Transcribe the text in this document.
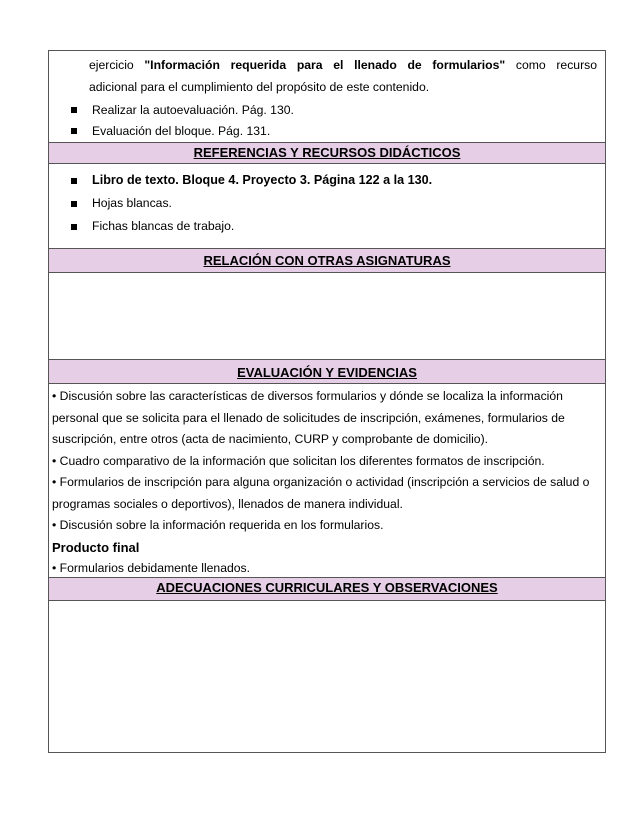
ejercicio "Información requerida para el llenado de formularios" como recurso

adicional para el cumplimiento del propósito de este contenido.

Realizar la autoevaluación. Pág. 130.
Evaluación del bloque. Pág. 131.
REFERENCIAS Y RECURSOS DIDÁCTICOS
Libro de texto. Bloque 4. Proyecto 3. Página 122 a la 130.
Hojas blancas.
Fichas blancas de trabajo.
RELACIÓN CON OTRAS ASIGNATURAS
EVALUACIÓN Y EVIDENCIAS

• Discusión sobre las características de diversos formularios y dónde se localiza la información personal que se solicita para el llenado de solicitudes de inscripción, exámenes, formularios de suscripción, entre otros (acta de nacimiento, CURP y comprobante de domicilio).

• Cuadro comparativo de la información que solicitan los diferentes formatos de inscripción.

• Formularios de inscripción para alguna organización o actividad (inscripción a servicios de salud o programas sociales o deportivos), llenados de manera individual.

• Discusión sobre la información requerida en los formularios.

Producto final

• Formularios debidamente llenados.

ADECUACIONES CURRICULARES Y OBSERVACIONES
